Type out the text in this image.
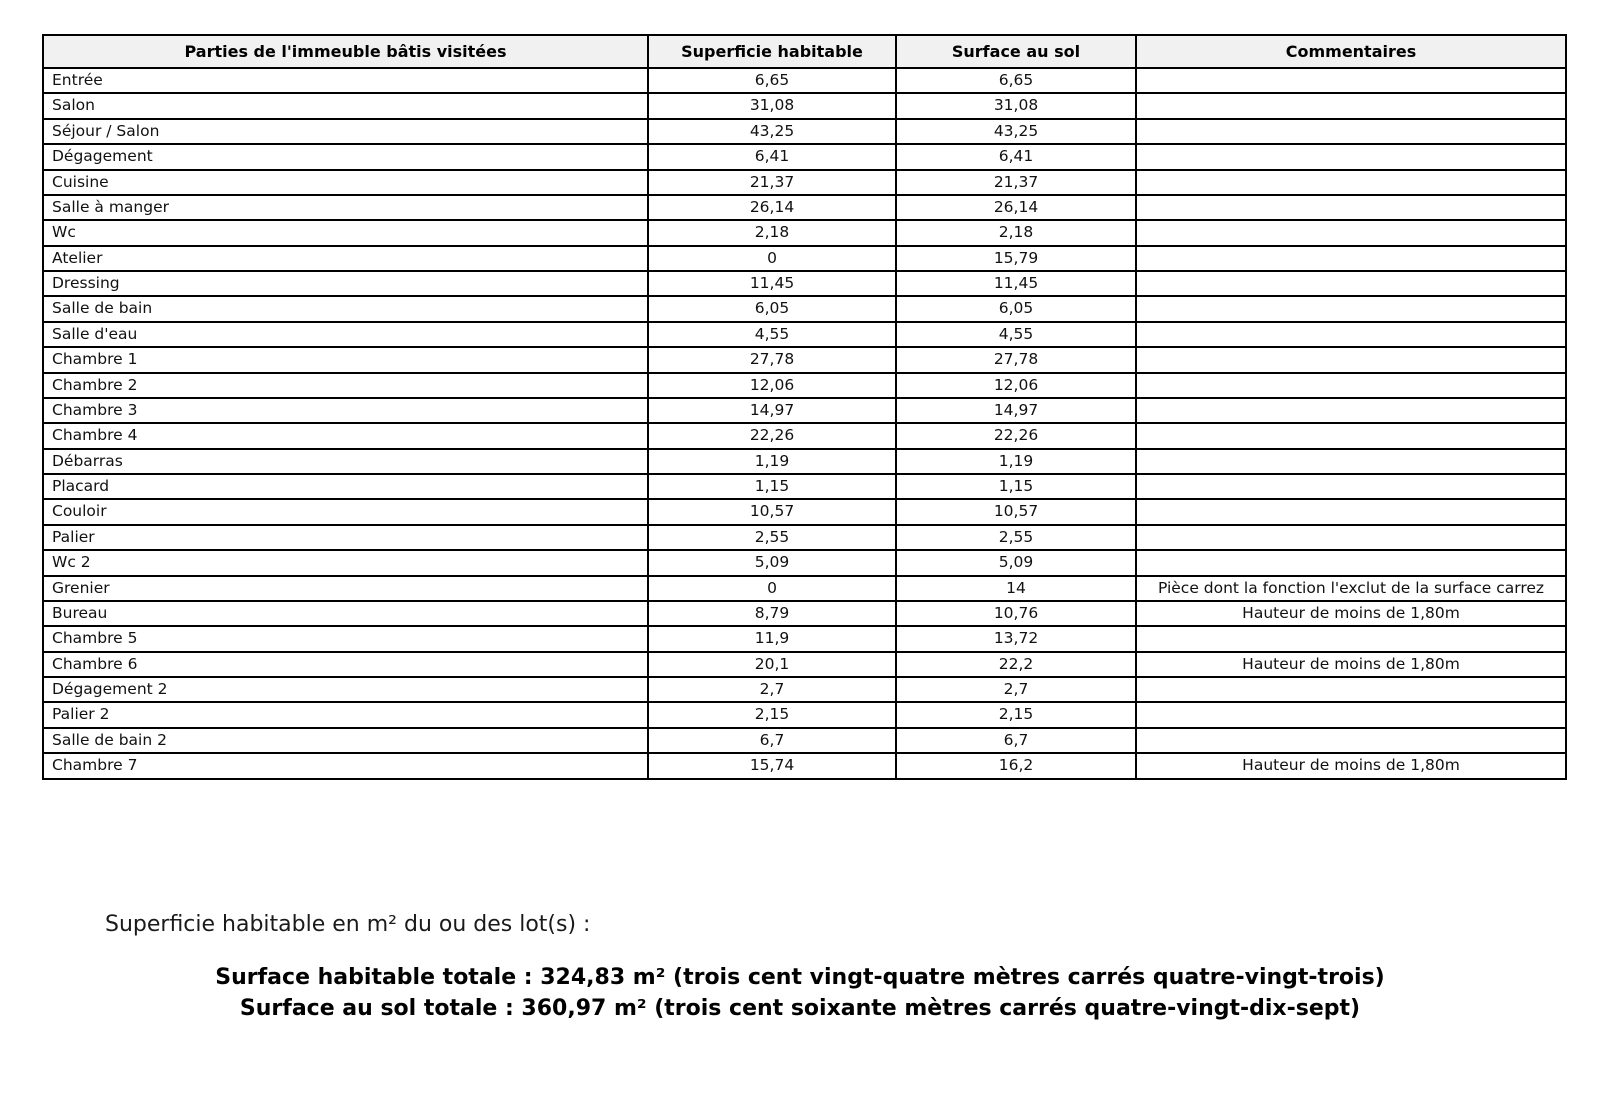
Parties de l'immeuble bâtis visitées	Superficie habitable	Surface au sol	Commentaires
Entrée	6,65	6,65	
Salon	31,08	31,08	
Séjour / Salon	43,25	43,25	
Dégagement	6,41	6,41	
Cuisine	21,37	21,37	
Salle à manger	26,14	26,14	
Wc	2,18	2,18	
Atelier	0	15,79	
Dressing	11,45	11,45	
Salle de bain	6,05	6,05	
Salle d'eau	4,55	4,55	
Chambre 1	27,78	27,78	
Chambre 2	12,06	12,06	
Chambre 3	14,97	14,97	
Chambre 4	22,26	22,26	
Débarras	1,19	1,19	
Placard	1,15	1,15	
Couloir	10,57	10,57	
Palier	2,55	2,55	
Wc 2	5,09	5,09	
Grenier	0	14	Pièce dont la fonction l'exclut de la surface carrez
Bureau	8,79	10,76	Hauteur de moins de 1,80m
Chambre 5	11,9	13,72	
Chambre 6	20,1	22,2	Hauteur de moins de 1,80m
Dégagement 2	2,7	2,7	
Palier 2	2,15	2,15	
Salle de bain 2	6,7	6,7	
Chambre 7	15,74	16,2	Hauteur de moins de 1,80m

Superficie habitable en m² du ou des lot(s) :

Surface habitable totale : 324,83 m² (trois cent vingt-quatre mètres carrés quatre-vingt-trois)
Surface au sol totale : 360,97 m² (trois cent soixante mètres carrés quatre-vingt-dix-sept)
